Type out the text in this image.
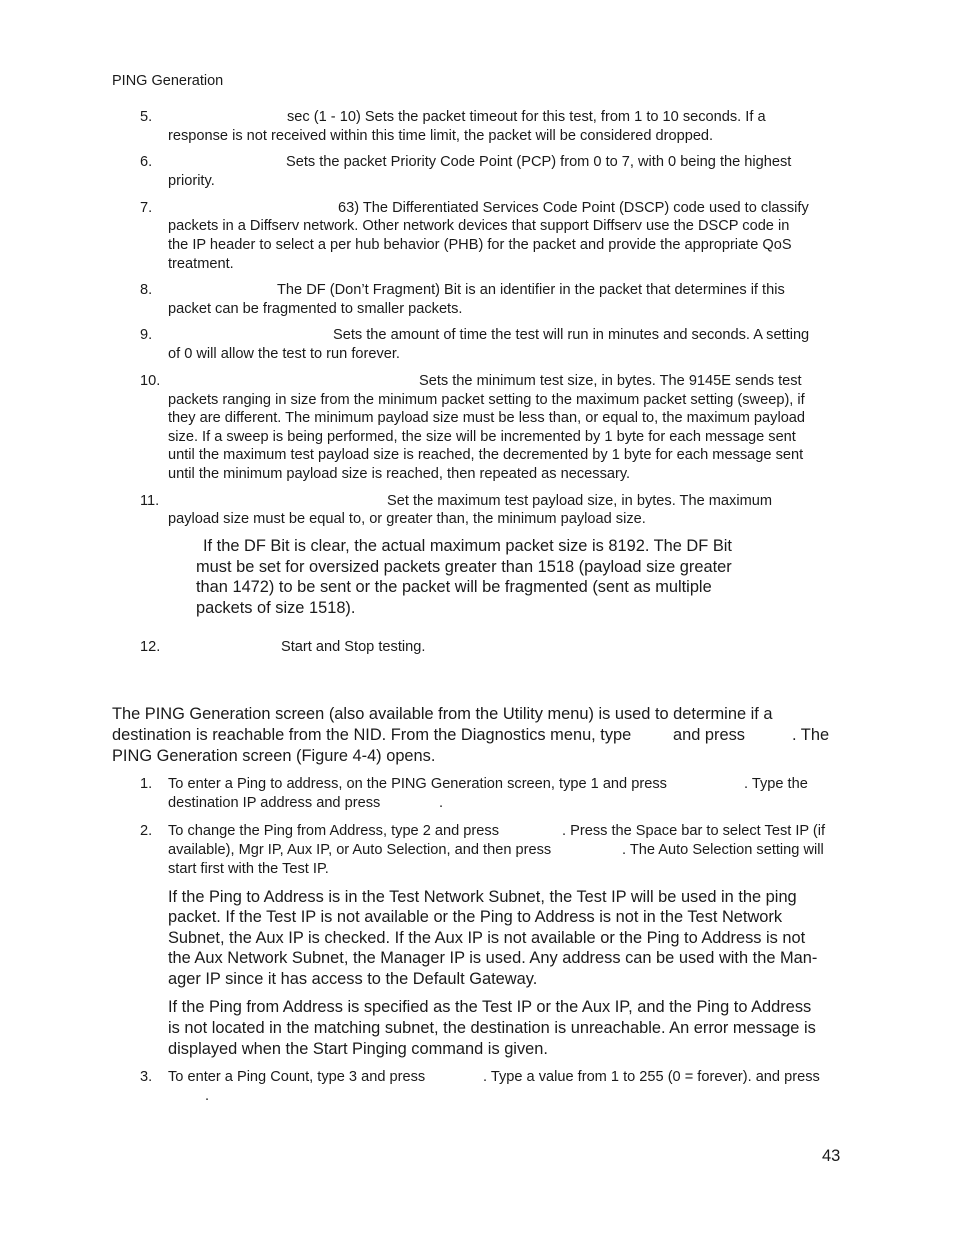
PING Generation
5.	sec (1 - 10) Sets the packet timeout for this test, from 1 to 10 seconds. If a
response is not received within this time limit, the packet will be considered dropped.
6.	Sets the packet Priority Code Point (PCP) from 0 to 7, with 0 being the highest
priority.
7.	63) The Differentiated Services Code Point (DSCP) code used to classify
packets in a Diffserv network. Other network devices that support Diffserv use the DSCP code in
the IP header to select a per hub behavior (PHB) for the packet and provide the appropriate QoS
treatment.
8.	The DF (Don’t Fragment) Bit is an identifier in the packet that determines if this
packet can be fragmented to smaller packets.
9.	Sets the amount of time the test will run in minutes and seconds. A setting
of 0 will allow the test to run forever.
10.	Sets the minimum test size, in bytes. The 9145E sends test
packets ranging in size from the minimum packet setting to the maximum packet setting (sweep), if
they are different. The minimum payload size must be less than, or equal to, the maximum payload
size. If a sweep is being performed, the size will be incremented by 1 byte for each message sent
until the maximum test payload size is reached, the decremented by 1 byte for each message sent
until the minimum payload size is reached, then repeated as necessary.
11.	Set the maximum test payload size, in bytes. The maximum
payload size must be equal to, or greater than, the minimum payload size.
If the DF Bit is clear, the actual maximum packet size is 8192. The DF Bit
must be set for oversized packets greater than 1518 (payload size greater
than 1472) to be sent or the packet will be fragmented (sent as multiple
packets of size 1518).
12.	Start and Stop testing.
The PING Generation screen (also available from the Utility menu) is used to determine if a
destination is reachable from the NID. From the Diagnostics menu, type	and press	. The
PING Generation screen (Figure 4-4) opens.
1. To enter a Ping to address, on the PING Generation screen, type 1 and press	. Type the
destination IP address and press	.
2. To change the Ping from Address, type 2 and press	. Press the Space bar to select Test IP (if
available), Mgr IP, Aux IP, or Auto Selection, and then press	. The Auto Selection setting will
start first with the Test IP.
If the Ping to Address is in the Test Network Subnet, the Test IP will be used in the ping
packet. If the Test IP is not available or the Ping to Address is not in the Test Network
Subnet, the Aux IP is checked. If the Aux IP is not available or the Ping to Address is not
the Aux Network Subnet, the Manager IP is used. Any address can be used with the Man-
ager IP since it has access to the Default Gateway.
If the Ping from Address is specified as the Test IP or the Aux IP, and the Ping to Address
is not located in the matching subnet, the destination is unreachable. An error message is
displayed when the Start Pinging command is given.
3. To enter a Ping Count, type 3 and press	. Type a value from 1 to 255 (0 = forever). and press
.
43
